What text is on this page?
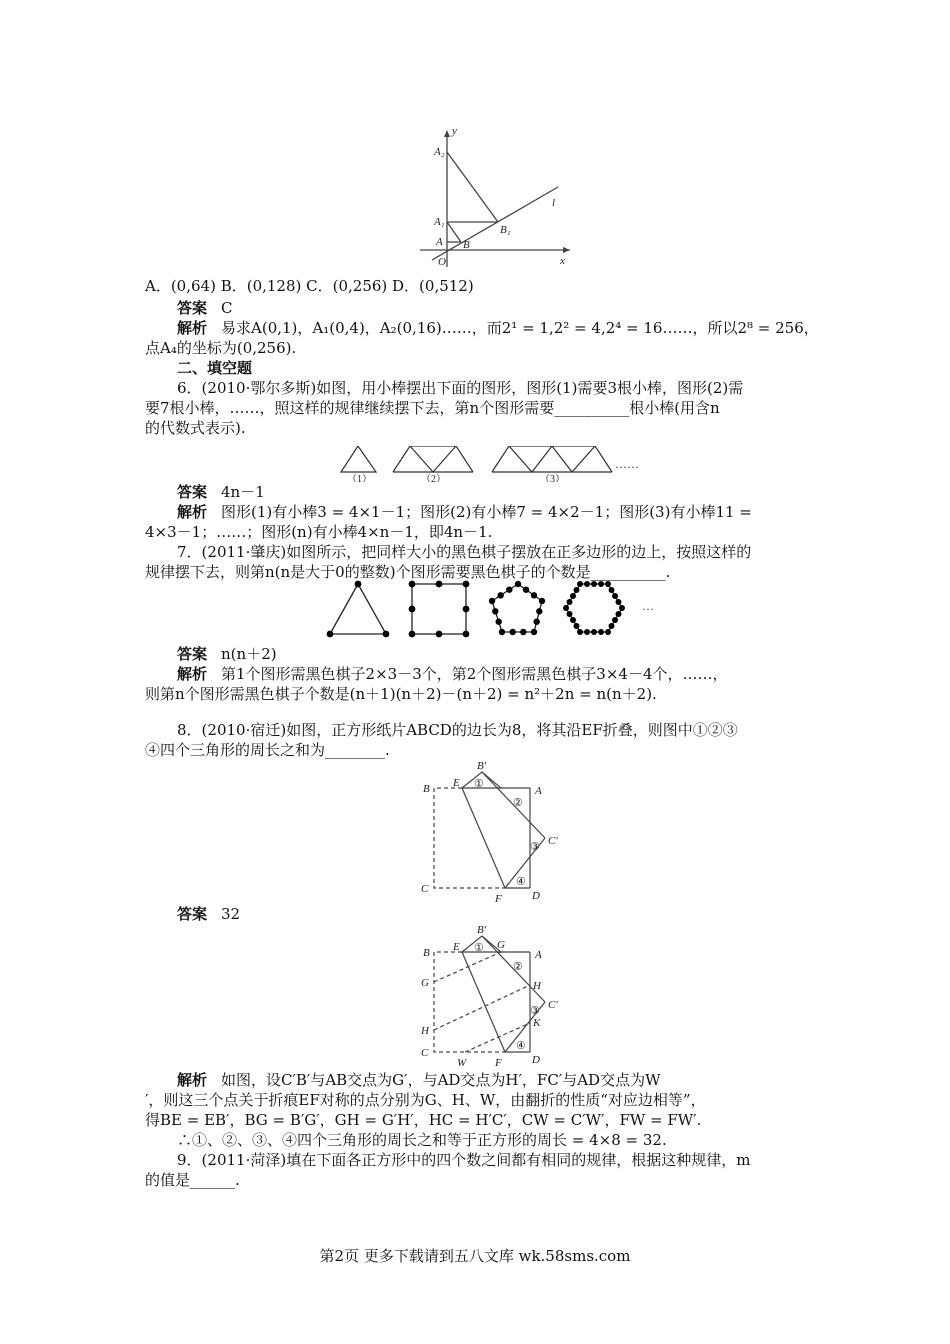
y
x
O
A
A₁
A₂
B
B₁
l
A．(0,64) B．(0,128) C．(0,256) D．(0,512)
答案 C
解析 易求A(0,1)，A₁(0,4)，A₂(0,16)……，而2¹ = 1,2² = 4,2⁴ = 16……，所以2⁸ = 256，
点A₄的坐标为(0,256).
二、填空题
6．(2010·鄂尔多斯)如图，用小棒摆出下面的图形，图形(1)需要3根小棒，图形(2)需
要7根小棒，……，照这样的规律继续摆下去，第n个图形需要__________根小棒(用含n
的代数式表示).
（1）	（2）	（3）
……
答案 4n－1
解析 图形(1)有小棒3 = 4×1－1；图形(2)有小棒7 = 4×2－1；图形(3)有小棒11 =
4×3－1；……；图形(n)有小棒4×n－1，即4n－1.
7．(2011·肇庆)如图所示，把同样大小的黑色棋子摆放在正多边形的边上，按照这样的
规律摆下去，则第n(n是大于0的整数)个图形需要黑色棋子的个数是__________.
…
答案 n(n＋2)
解析 第1个图形需黑色棋子2×3－3个，第2个图形需黑色棋子3×4－4个，……，
则第n个图形需黑色棋子个数是(n＋1)(n＋2)－(n＋2) = n²＋2n = n(n＋2).
8．(2010·宿迁)如图，正方形纸片ABCD的边长为8，将其沿EF折叠，则图中①②③
④四个三角形的周长之和为________.
B E
B′
A
C′
C
F	D
①
②
③
④
答案 32
B E
B′
G
A
G	H
C′
K
H
C
W	F	D
①
②
③
④
解析 如图，设C′B′与AB交点为G′，与AD交点为H′，FC′与AD交点为W
′，则这三个点关于折痕EF对称的点分别为G、H、W，由翻折的性质“对应边相等”，
得BE = EB′，BG = B′G′，GH = G′H′，HC = H′C′，CW = C′W′，FW = FW′.
∴①、②、③、④四个三角形的周长之和等于正方形的周长 = 4×8 = 32.
9．(2011·菏泽)填在下面各正方形中的四个数之间都有相同的规律，根据这种规律，m
的值是______.
第2页 更多下载请到五八文库 wk.58sms.com
